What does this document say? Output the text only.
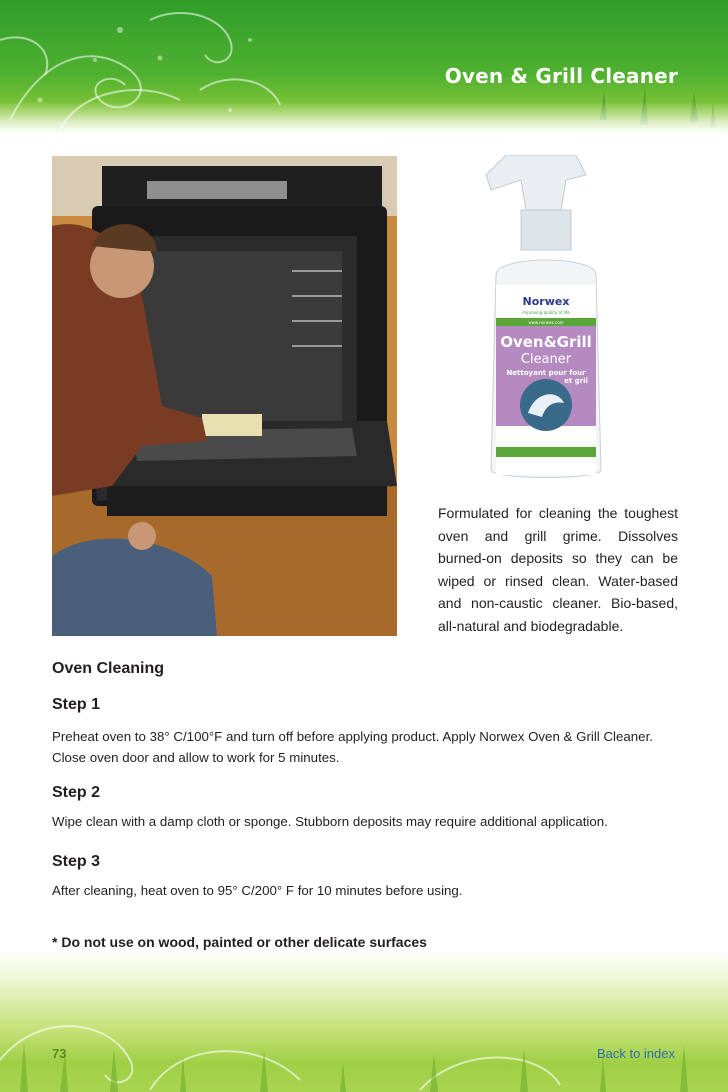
Oven & Grill Cleaner
Norwex
improving quality of life
www.norwex.com
Oven&Grill
Cleaner
Nettoyant pour four
et gril
Formulated for cleaning the toughest oven and grill grime. Dissolves burned-on deposits so they can be wiped or rinsed clean. Water-based and non-caustic cleaner. Bio-based, all-natural and biodegradable.
Oven Cleaning
Step 1
Preheat oven to 38° C/100°F and turn off before applying product. Apply Norwex Oven & Grill Cleaner. Close oven door and allow to work for 5 minutes.
Step 2
Wipe clean with a damp cloth or sponge. Stubborn deposits may require additional application.
Step 3
After cleaning, heat oven to 95° C/200° F for 10 minutes before using.
* Do not use on wood, painted or other delicate surfaces
73	Back to index
